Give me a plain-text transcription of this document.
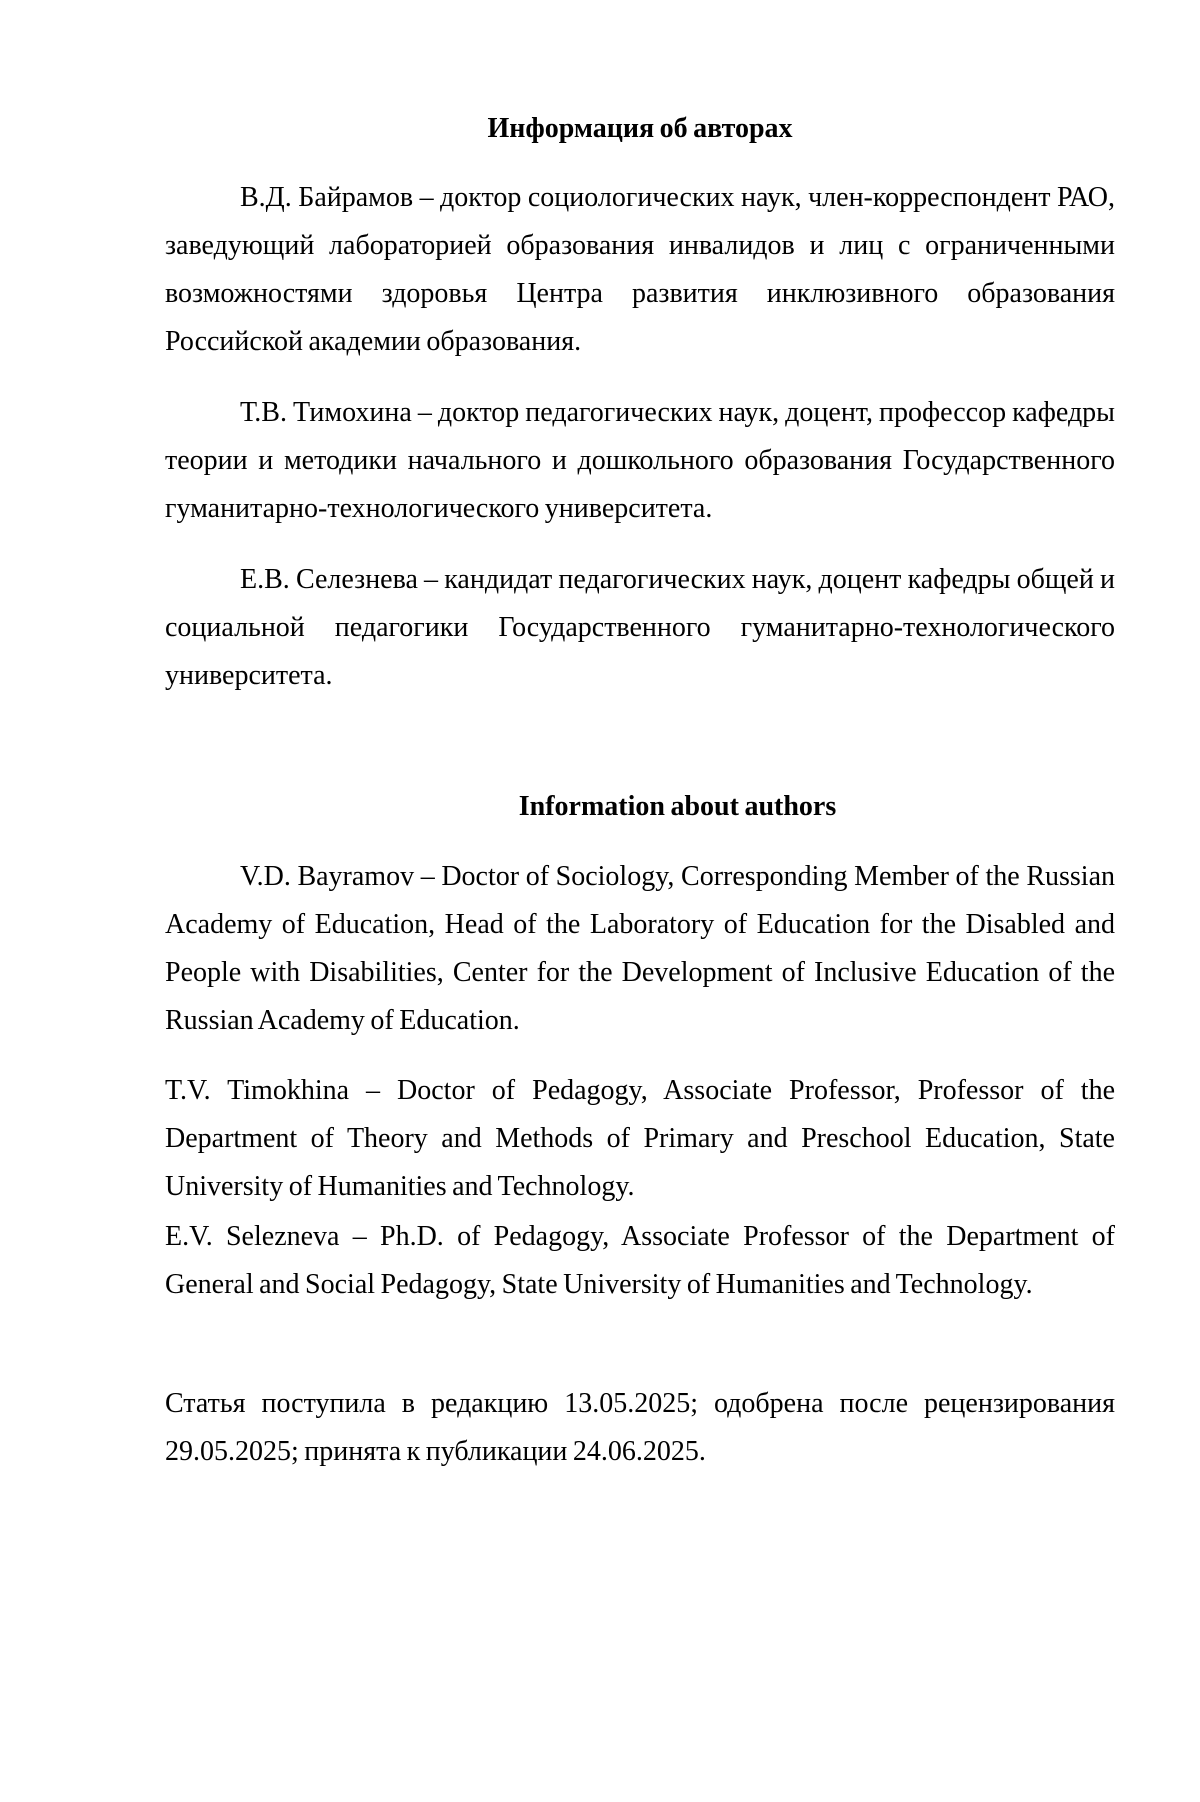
Информация об авторах

В.Д. Байрамов – доктор социологических наук, член-корреспондент РАО, заведующий лабораторией образования инвалидов и лиц с ограниченными возможностями здоровья Центра развития инклюзивного образования Российской академии образования.

Т.В. Тимохина – доктор педагогических наук, доцент, профессор кафедры теории и методики начального и дошкольного образования Государственного гуманитарно-технологического университета.

Е.В. Селезнева – кандидат педагогических наук, доцент кафедры общей и социальной педагогики Государственного гуманитарно-технологического университета.

Information about authors

V.D. Bayramov – Doctor of Sociology, Corresponding Member of the Russian Academy of Education, Head of the Laboratory of Education for the Disabled and People with Disabilities, Center for the Development of Inclusive Education of the Russian Academy of Education.

T.V. Timokhina – Doctor of Pedagogy, Associate Professor, Professor of the Department of Theory and Methods of Primary and Preschool Education, State University of Humanities and Technology.

E.V. Selezneva – Ph.D. of Pedagogy, Associate Professor of the Department of General and Social Pedagogy, State University of Humanities and Technology.

Статья поступила в редакцию 13.05.2025; одобрена после рецензирования 29.05.2025; принята к публикации 24.06.2025.
